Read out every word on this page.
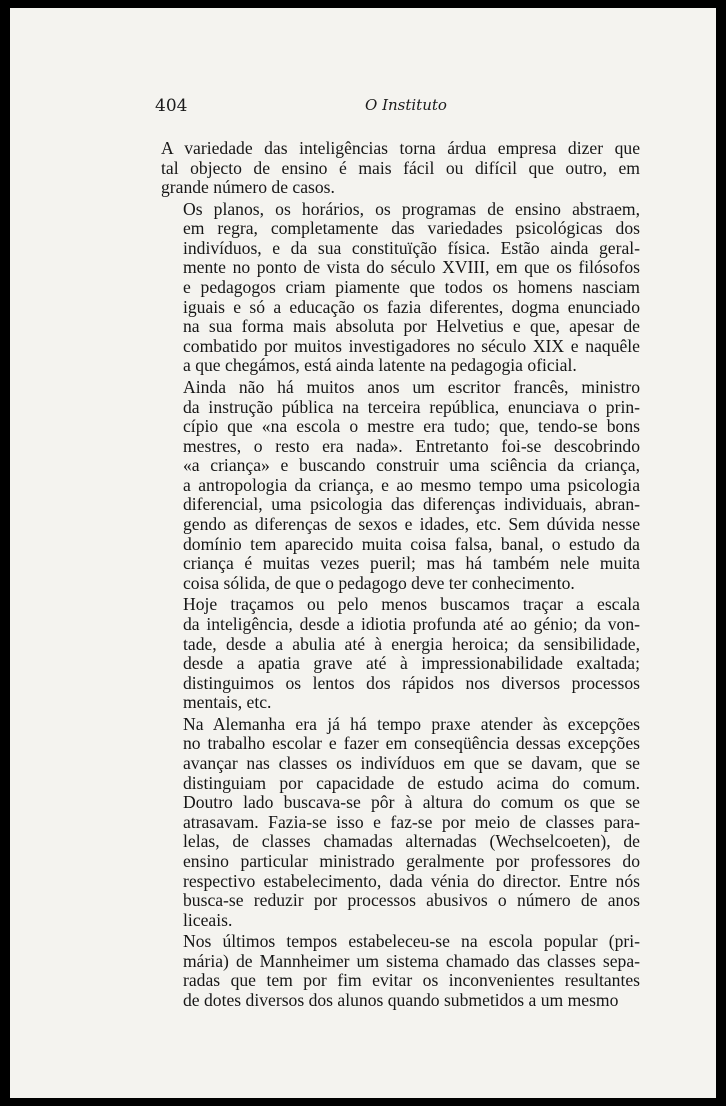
404	O Instituto

A variedade das inteligências torna árdua empresa dizer que
tal objecto de ensino é mais fácil ou difícil que outro, em
grande número de casos.

Os planos, os horários, os programas de ensino abstraem,
em regra, completamente das variedades psicológicas dos
indivíduos, e da sua constituïção física. Estão ainda geral-
mente no ponto de vista do século XVIII, em que os filósofos
e pedagogos criam piamente que todos os homens nasciam
iguais e só a educação os fazia diferentes, dogma enunciado
na sua forma mais absoluta por Helvetius e que, apesar de
combatido por muitos investigadores no século XIX e naquêle
a que chegámos, está ainda latente na pedagogia oficial.

Ainda não há muitos anos um escritor francês, ministro
da instrução pública na terceira república, enunciava o prin-
cípio que «na escola o mestre era tudo; que, tendo-se bons
mestres, o resto era nada». Entretanto foi-se descobrindo
«a criança» e buscando construir uma sciência da criança,
a antropologia da criança, e ao mesmo tempo uma psicologia
diferencial, uma psicologia das diferenças individuais, abran-
gendo as diferenças de sexos e idades, etc. Sem dúvida nesse
domínio tem aparecido muita coisa falsa, banal, o estudo da
criança é muitas vezes pueril; mas há também nele muita
coisa sólida, de que o pedagogo deve ter conhecimento.

Hoje traçamos ou pelo menos buscamos traçar a escala
da inteligência, desde a idiotia profunda até ao génio; da von-
tade, desde a abulia até à energia heroica; da sensibilidade,
desde a apatia grave até à impressionabilidade exaltada;
distinguimos os lentos dos rápidos nos diversos processos
mentais, etc.

Na Alemanha era já há tempo praxe atender às excepções
no trabalho escolar e fazer em conseqüência dessas excepções
avançar nas classes os indivíduos em que se davam, que se
distinguiam por capacidade de estudo acima do comum.
Doutro lado buscava-se pôr à altura do comum os que se
atrasavam. Fazia-se isso e faz-se por meio de classes para-
lelas, de classes chamadas alternadas (Wechselcoeten), de
ensino particular ministrado geralmente por professores do
respectivo estabelecimento, dada vénia do director. Entre nós
busca-se reduzir por processos abusivos o número de anos
liceais.

Nos últimos tempos estabeleceu-se na escola popular (pri-
mária) de Mannheimer um sistema chamado das classes sepa-
radas que tem por fim evitar os inconvenientes resultantes
de dotes diversos dos alunos quando submetidos a um mesmo
